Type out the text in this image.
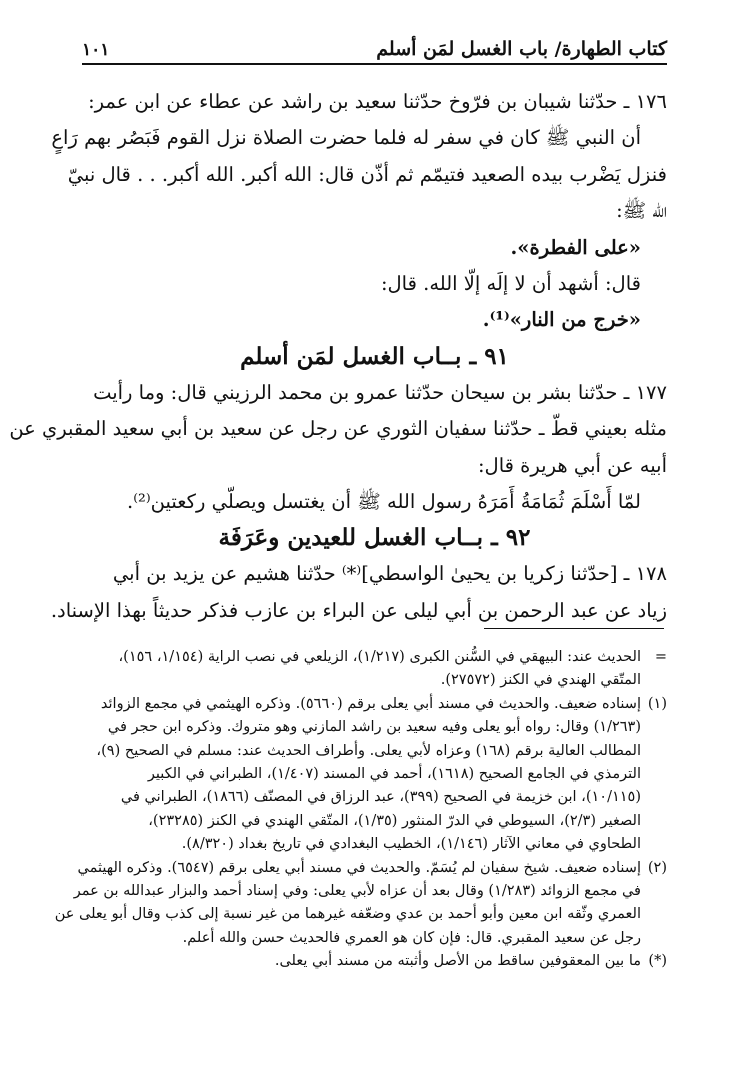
١٠١	كتاب الطهارة/ باب الغسل لمَن أسلم
١٧٦ ـ حدّثنا شيبان بن فرّوخ حدّثنا سعيد بن راشد عن عطاء عن ابن عمر:
أن النبي ﷺ كان في سفر له فلما حضرت الصلاة نزل القوم فَبَصُر بهم رَاعٍ
فنزل يَضْرب بيده الصعيد فتيمّم ثم أذّن قال: الله أكبر. الله أكبر. . . قال نبيّ
الله ﷺ:
«على الفطرة».
قال: أشهد أن لا إلَه إلّا الله. قال:
«خرج من النار»⁽¹⁾.
٩١ ـ بــاب الغسل لمَن أسلم
١٧٧ ـ حدّثنا بشر بن سيحان حدّثنا عمرو بن محمد الرزيني قال: وما رأيت
مثله بعيني قطّ ـ حدّثنا سفيان الثوري عن رجل عن سعيد بن أبي سعيد المقبري عن
أبيه عن أبي هريرة قال:
لمّا أَسْلَمَ ثُمَامَةُ أَمَرَهُ رسول الله ﷺ أن يغتسل ويصلّي ركعتين⁽²⁾.
٩٢ ـ بــاب الغسل للعيدين وعَرَفَة
١٧٨ ـ [حدّثنا زكريا بن يحيىٰ الواسطي]⁽*⁾ حدّثنا هشيم عن يزيد بن أبي
زياد عن عبد الرحمن بن أبي ليلى عن البراء بن عازب فذكر حديثاً بهذا الإسناد.
=الحديث عند: البيهقي في السُّنن الكبرى (١/٢١٧)، الزيلعي في نصب الراية (١/١٥٤، ١٥٦)،
المتّقي الهندي في الكنز (٢٧٥٧٢).
(١)إسناده ضعيف. والحديث في مسند أبي يعلى برقم (٥٦٦٠). وذكره الهيثمي في مجمع الزوائد
(١/٢٦٣) وقال: رواه أبو يعلى وفيه سعيد بن راشد المازني وهو متروك. وذكره ابن حجر في
المطالب العالية برقم (١٦٨) وعزاه لأبي يعلى. وأطراف الحديث عند: مسلم في الصحيح (٩)،
الترمذي في الجامع الصحيح (١٦١٨)، أحمد في المسند (١/٤٠٧)، الطبراني في الكبير
(١٠/١١٥)، ابن خزيمة في الصحيح (٣٩٩)، عبد الرزاق في المصنّف (١٨٦٦)، الطبراني في
الصغير (٢/٣)، السيوطي في الدرّ المنثور (١/٣٥)، المتّقي الهندي في الكنز (٢٣٢٨٥)،
الطحاوي في معاني الآثار (١/١٤٦)، الخطيب البغدادي في تاريخ بغداد (٨/٣٢٠).
(٢)إسناده ضعيف. شيخ سفيان لم يُسَمّ. والحديث في مسند أبي يعلى برقم (٦٥٤٧). وذكره الهيثمي
في مجمع الزوائد (١/٢٨٣) وقال بعد أن عزاه لأبي يعلى: وفي إسناد أحمد والبزار عبدالله بن عمر
العمري وثّقه ابن معين وأبو أحمد بن عدي وضعّفه غيرهما من غير نسبة إلى كذب وقال أبو يعلى عن
رجل عن سعيد المقبري. قال: فإن كان هو العمري فالحديث حسن والله أعلم.
(*)ما بين المعقوفين ساقط من الأصل وأثبته من مسند أبي يعلى.
